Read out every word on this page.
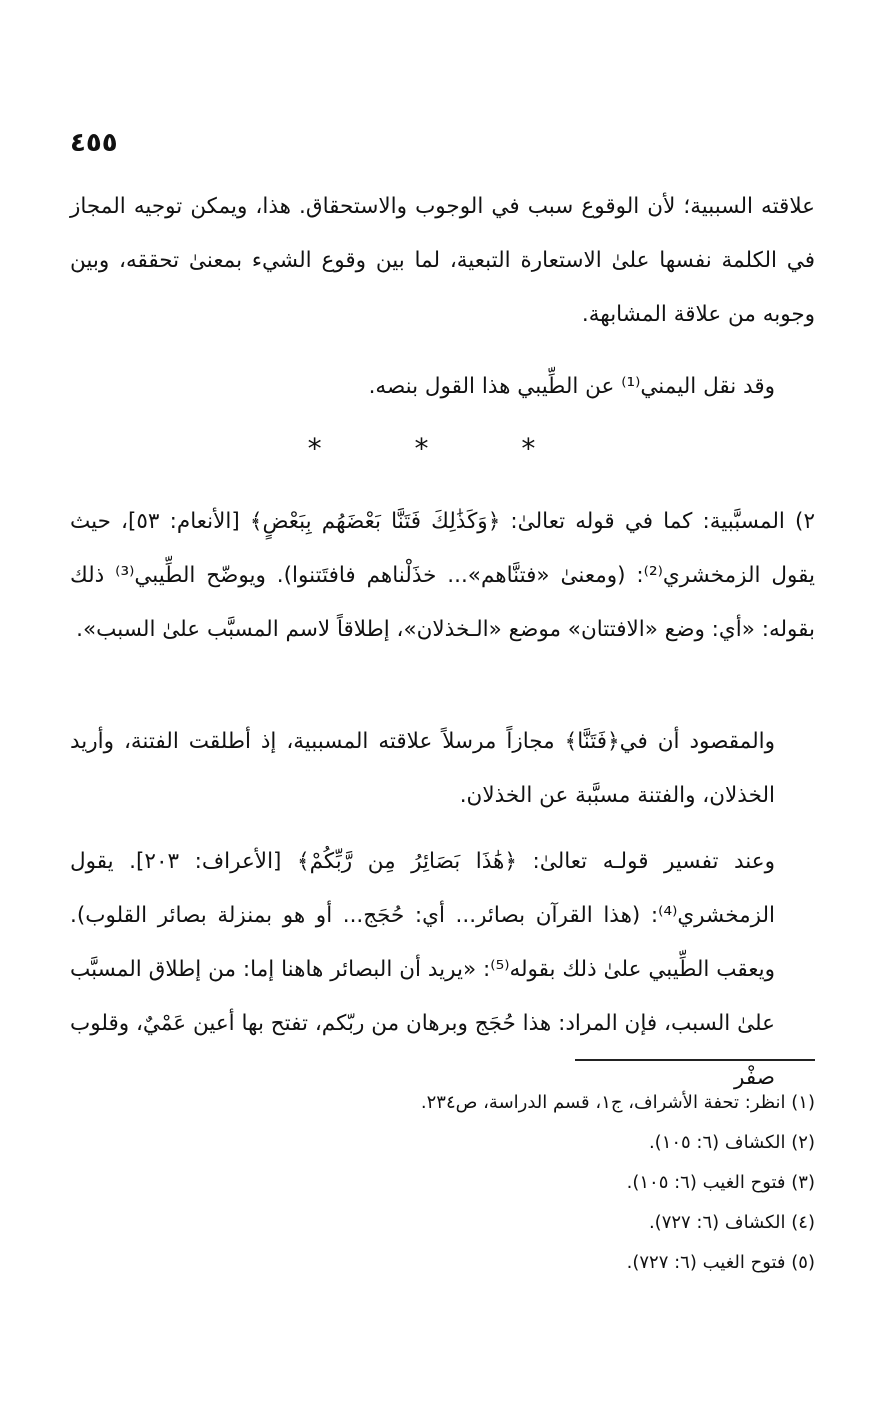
٤٥٥

علاقته السببية؛ لأن الوقوع سبب في الوجوب والاستحقاق. هذا، ويمكن توجيه المجاز في الكلمة نفسها علىٰ الاستعارة التبعية، لما بين وقوع الشيء بمعنىٰ تحققه، وبين وجوبه من علاقة المشابهة.

وقد نقل اليمني⁽¹⁾ عن الطِّيبي هذا القول بنصه.

٢) المسبَّبية: كما في قوله تعالىٰ: ﴿وَكَذَٰلِكَ فَتَنَّا بَعْضَهُم بِبَعْضٍ﴾ [الأنعام: ٥٣]، حيث يقول الزمخشري⁽²⁾: (ومعنىٰ «فتنَّاهم»... خذَلْناهم فافتَتنوا). ويوضّح الطِّيبي⁽³⁾ ذلك بقوله: «أي: وضع «الافتتان» موضع «الـخذلان»، إطلاقاً لاسم المسبَّب علىٰ السبب».

والمقصود أن في﴿فَتَنَّا﴾ مجازاً مرسلاً علاقته المسببية، إذ أطلقت الفتنة، وأريد الخذلان، والفتنة مسبَّبة عن الخذلان.

وعند تفسير قولـه تعالىٰ: ﴿هَٰذَا بَصَائِرُ مِن رَّبِّكُمْ﴾ [الأعراف: ٢٠٣]. يقول الزمخشري⁽⁴⁾: (هذا القرآن بصائر... أي: حُجَج... أو هو بمنزلة بصائر القلوب). ويعقب الطِّيبي علىٰ ذلك بقوله⁽⁵⁾: «يريد أن البصائر هاهنا إما: من إطلاق المسبَّب علىٰ السبب، فإن المراد: هذا حُجَج وبرهان من ربّكم، تفتح بها أعين عَمْيٌ، وقلوب صفْر

* * *
(١) انظر: تحفة الأشراف، ج١، قسم الدراسة، ص٢٣٤.
(٢) الكشاف (٦: ١٠٥).
(٣) فتوح الغيب (٦: ١٠٥).
(٤) الكشاف (٦: ٧٢٧).
(٥) فتوح الغيب (٦: ٧٢٧).
